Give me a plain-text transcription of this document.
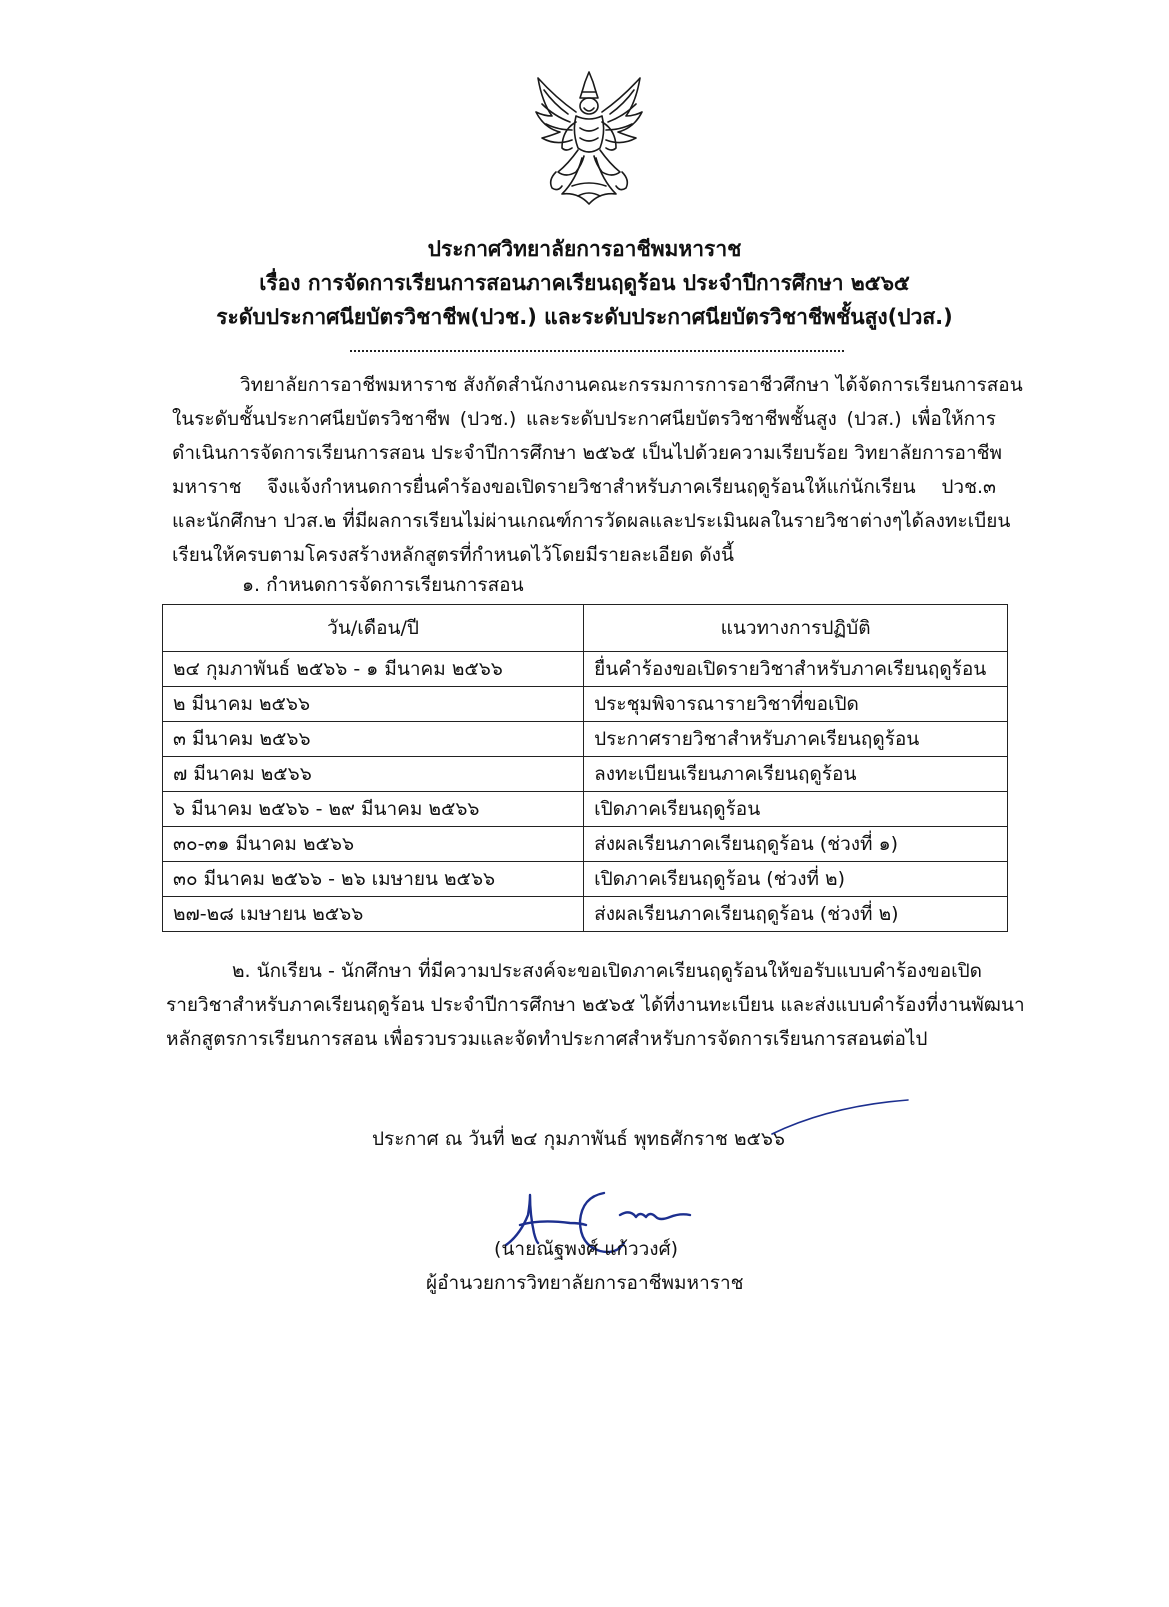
ประกาศวิทยาลัยการอาชีพมหาราช
เรื่อง การจัดการเรียนการสอนภาคเรียนฤดูร้อน ประจำปีการศึกษา ๒๕๖๕
ระดับประกาศนียบัตรวิชาชีพ(ปวช.) และระดับประกาศนียบัตรวิชาชีพชั้นสูง(ปวส.)
วิทยาลัยการอาชีพมหาราช สังกัดสำนักงานคณะกรรมการการอาชีวศึกษา ได้จัดการเรียนการสอน
ในระดับชั้นประกาศนียบัตรวิชาชีพ (ปวช.) และระดับประกาศนียบัตรวิชาชีพชั้นสูง (ปวส.) เพื่อให้การ
ดำเนินการจัดการเรียนการสอน ประจำปีการศึกษา ๒๕๖๕ เป็นไปด้วยความเรียบร้อย วิทยาลัยการอาชีพ
มหาราช จึงแจ้งกำหนดการยื่นคำร้องขอเปิดรายวิชาสำหรับภาคเรียนฤดูร้อนให้แก่นักเรียน ปวช.๓
และนักศึกษา ปวส.๒ ที่มีผลการเรียนไม่ผ่านเกณฑ์การวัดผลและประเมินผลในรายวิชาต่างๆได้ลงทะเบียน
เรียนให้ครบตามโครงสร้างหลักสูตรที่กำหนดไว้โดยมีรายละเอียด ดังนี้
๑. กำหนดการจัดการเรียนการสอน
วัน/เดือน/ปี	แนวทางการปฏิบัติ
๒๔ กุมภาพันธ์ ๒๕๖๖ - ๑ มีนาคม ๒๕๖๖	ยื่นคำร้องขอเปิดรายวิชาสำหรับภาคเรียนฤดูร้อน
๒ มีนาคม ๒๕๖๖	ประชุมพิจารณารายวิชาที่ขอเปิด
๓ มีนาคม ๒๕๖๖	ประกาศรายวิชาสำหรับภาคเรียนฤดูร้อน
๗ มีนาคม ๒๕๖๖	ลงทะเบียนเรียนภาคเรียนฤดูร้อน
๖ มีนาคม ๒๕๖๖ - ๒๙ มีนาคม ๒๕๖๖	เปิดภาคเรียนฤดูร้อน
๓๐-๓๑ มีนาคม ๒๕๖๖	ส่งผลเรียนภาคเรียนฤดูร้อน (ช่วงที่ ๑)
๓๐ มีนาคม ๒๕๖๖ - ๒๖ เมษายน ๒๕๖๖	เปิดภาคเรียนฤดูร้อน (ช่วงที่ ๒)
๒๗-๒๘ เมษายน ๒๕๖๖	ส่งผลเรียนภาคเรียนฤดูร้อน (ช่วงที่ ๒)
๒. นักเรียน - นักศึกษา ที่มีความประสงค์จะขอเปิดภาคเรียนฤดูร้อนให้ขอรับแบบคำร้องขอเปิด
รายวิชาสำหรับภาคเรียนฤดูร้อน ประจำปีการศึกษา ๒๕๖๕ ได้ที่งานทะเบียน และส่งแบบคำร้องที่งานพัฒนา
หลักสูตรการเรียนการสอน เพื่อรวบรวมและจัดทำประกาศสำหรับการจัดการเรียนการสอนต่อไป
ประกาศ ณ วันที่ ๒๔ กุมภาพันธ์ พุทธศักราช ๒๕๖๖
(นายณัฐพงศ์ แก้ววงศ์)
ผู้อำนวยการวิทยาลัยการอาชีพมหาราช
